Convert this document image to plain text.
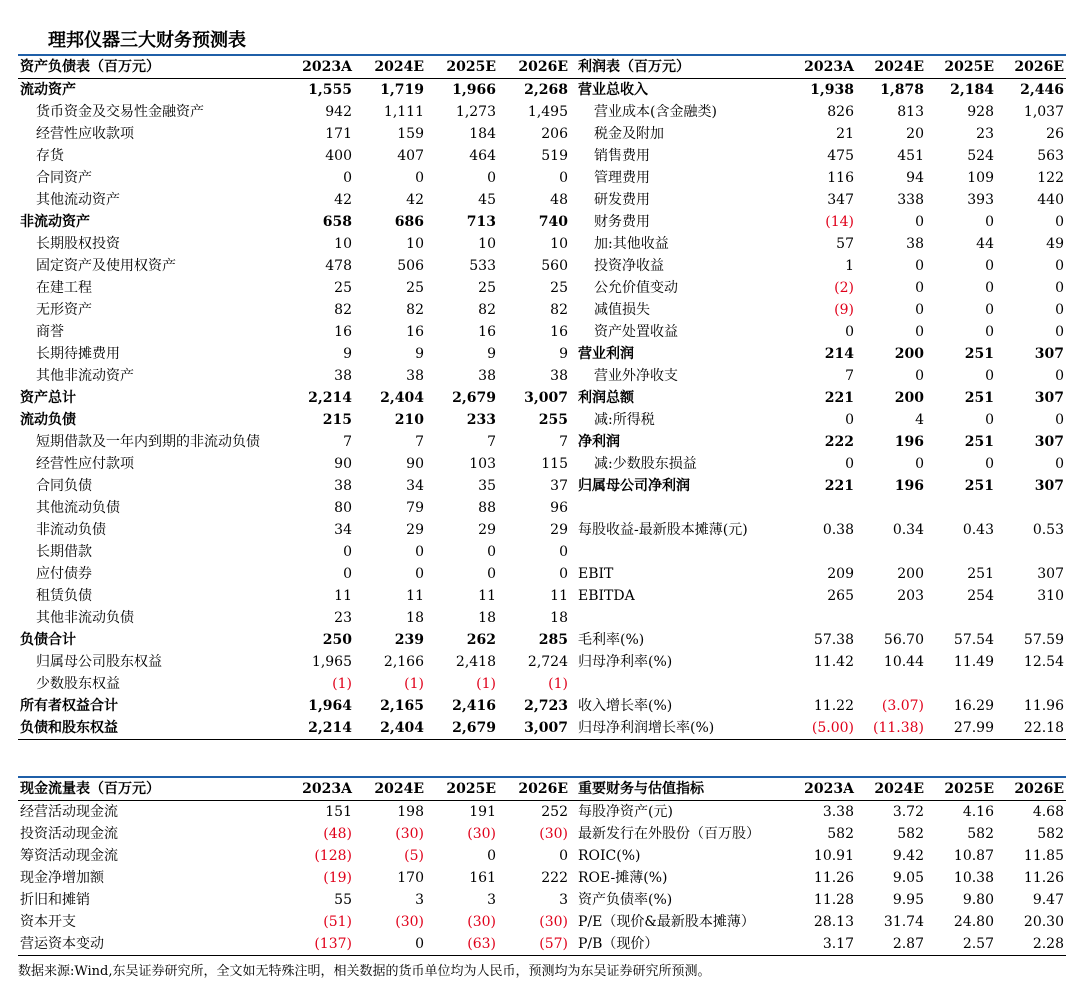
理邦仪器三大财务预测表
资产负债表（百万元）	2023A	2024E	2025E	2026E		利润表（百万元）	2023A	2024E	2025E	2026E
流动资产	1,555	1,719	1,966	2,268		营业总收入	1,938	1,878	2,184	2,446
货币资金及交易性金融资产	942	1,111	1,273	1,495		营业成本(含金融类)	826	813	928	1,037
经营性应收款项	171	159	184	206		税金及附加	21	20	23	26
存货	400	407	464	519		销售费用	475	451	524	563
合同资产	0	0	0	0		管理费用	116	94	109	122
其他流动资产	42	42	45	48		研发费用	347	338	393	440
非流动资产	658	686	713	740		财务费用	(14)	0	0	0
长期股权投资	10	10	10	10		加:其他收益	57	38	44	49
固定资产及使用权资产	478	506	533	560		投资净收益	1	0	0	0
在建工程	25	25	25	25		公允价值变动	(2)	0	0	0
无形资产	82	82	82	82		减值损失	(9)	0	0	0
商誉	16	16	16	16		资产处置收益	0	0	0	0
长期待摊费用	9	9	9	9		营业利润	214	200	251	307
其他非流动资产	38	38	38	38		营业外净收支	7	0	0	0
资产总计	2,214	2,404	2,679	3,007		利润总额	221	200	251	307
流动负债	215	210	233	255		减:所得税	0	4	0	0
短期借款及一年内到期的非流动负债	7	7	7	7		净利润	222	196	251	307
经营性应付款项	90	90	103	115		减:少数股东损益	0	0	0	0
合同负债	38	34	35	37		归属母公司净利润	221	196	251	307
其他流动负债	80	79	88	96						
非流动负债	34	29	29	29		每股收益-最新股本摊薄(元)	0.38	0.34	0.43	0.53
长期借款	0	0	0	0						
应付债券	0	0	0	0		EBIT	209	200	251	307
租赁负债	11	11	11	11		EBITDA	265	203	254	310
其他非流动负债	23	18	18	18						
负债合计	250	239	262	285		毛利率(%)	57.38	56.70	57.54	57.59
归属母公司股东权益	1,965	2,166	2,418	2,724		归母净利率(%)	11.42	10.44	11.49	12.54
少数股东权益	(1)	(1)	(1)	(1)						
所有者权益合计	1,964	2,165	2,416	2,723		收入增长率(%)	11.22	(3.07)	16.29	11.96
负债和股东权益	2,214	2,404	2,679	3,007		归母净利润增长率(%)	(5.00)	(11.38)	27.99	22.18
现金流量表（百万元）	2023A	2024E	2025E	2026E		重要财务与估值指标	2023A	2024E	2025E	2026E
经营活动现金流	151	198	191	252		每股净资产(元)	3.38	3.72	4.16	4.68
投资活动现金流	(48)	(30)	(30)	(30)		最新发行在外股份（百万股）	582	582	582	582
筹资活动现金流	(128)	(5)	0	0		ROIC(%)	10.91	9.42	10.87	11.85
现金净增加额	(19)	170	161	222		ROE-摊薄(%)	11.26	9.05	10.38	11.26
折旧和摊销	55	3	3	3		资产负债率(%)	11.28	9.95	9.80	9.47
资本开支	(51)	(30)	(30)	(30)		P/E（现价&最新股本摊薄）	28.13	31.74	24.80	20.30
营运资本变动	(137)	0	(63)	(57)		P/B（现价）	3.17	2.87	2.57	2.28
数据来源:Wind,东吴证券研究所，全文如无特殊注明，相关数据的货币单位均为人民币，预测均为东吴证券研究所预测。
